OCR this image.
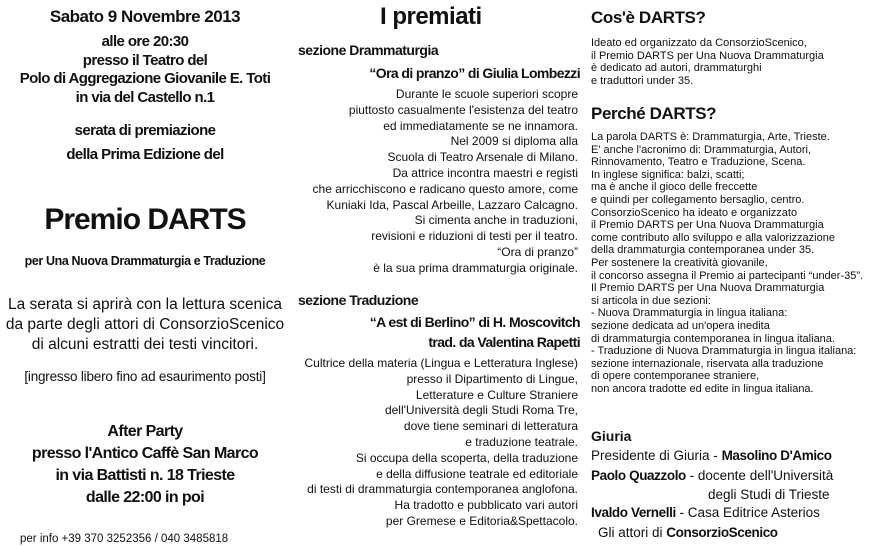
Sabato 9 Novembre 2013
alle ore 20:30
presso il Teatro del
Polo di Aggregazione Giovanile E. Toti
in via del Castello n.1
serata di premiazione
della Prima Edizione del
Premio DARTS
per Una Nuova Drammaturgia e Traduzione
La serata si aprirà con la lettura scenica
da parte degli attori di ConsorzioScenico
di alcuni estratti dei testi vincitori.
[ingresso libero fino ad esaurimento posti]
After Party
presso l'Antico Caffè San Marco
in via Battisti n. 18 Trieste
dalle 22:00 in poi
per info +39 370 3252356 / 040 3485818
I premiati
sezione Drammaturgia
“Ora di pranzo” di Giulia Lombezzi
Durante le scuole superiori scopre
piuttosto casualmente l'esistenza del teatro
ed immediatamente se ne innamora.
Nel 2009 si diploma alla
Scuola di Teatro Arsenale di Milano.
Da attrice incontra maestri e registi
che arricchiscono e radicano questo amore, come
Kuniaki Ida, Pascal Arbeille, Lazzaro Calcagno.
Si cimenta anche in traduzioni,
revisioni e riduzioni di testi per il teatro.
“Ora di pranzo”
è la sua prima drammaturgia originale.
sezione Traduzione
“A est di Berlino” di H. Moscovitch
trad. da Valentina Rapetti
Cultrice della materia (Lingua e Letteratura Inglese)
presso il Dipartimento di Lingue,
Letterature e Culture Straniere
dell'Università degli Studi Roma Tre,
dove tiene seminari di letteratura
e traduzione teatrale.
Si occupa della scoperta, della traduzione
e della diffusione teatrale ed editoriale
di testi di drammaturgia contemporanea anglofona.
Ha tradotto e pubblicato vari autori
per Gremese e Editoria&Spettacolo.
Cos'è DARTS?
Ideato ed organizzato da ConsorzioScenico,
il Premio DARTS per Una Nuova Drammaturgia
è dedicato ad autori, drammaturghi
e traduttori under 35.
Perché DARTS?
La parola DARTS è: Drammaturgia, Arte, Trieste.
E' anche l'acronimo di: Drammaturgia, Autori,
Rinnovamento, Teatro e Traduzione, Scena.
In inglese significa: balzi, scatti;
ma è anche il gioco delle freccette
e quindi per collegamento bersaglio, centro.
ConsorzioScenico ha ideato e organizzato
il Premio DARTS per Una Nuova Drammaturgia
come contributo allo sviluppo e alla valorizzazione
della drammaturgia contemporanea under 35.
Per sostenere la creatività giovanile,
il concorso assegna il Premio ai partecipanti “under-35”.
Il Premio DARTS per Una Nuova Drammaturgia
si articola in due sezioni:
- Nuova Drammaturgia in lingua italiana:
sezione dedicata ad un'opera inedita
di drammaturgia contemporanea in lingua italiana.
- Traduzione di Nuova Drammaturgia in lingua italiana:
sezione internazionale, riservata alla traduzione
di opere contemporanee straniere,
non ancora tradotte ed edite in lingua italiana.
Giuria
Presidente di Giuria - Masolino D'Amico
Paolo Quazzolo - docente dell'Università
degli Studi di Trieste
Ivaldo Vernelli - Casa Editrice Asterios
Gli attori di ConsorzioScenico
